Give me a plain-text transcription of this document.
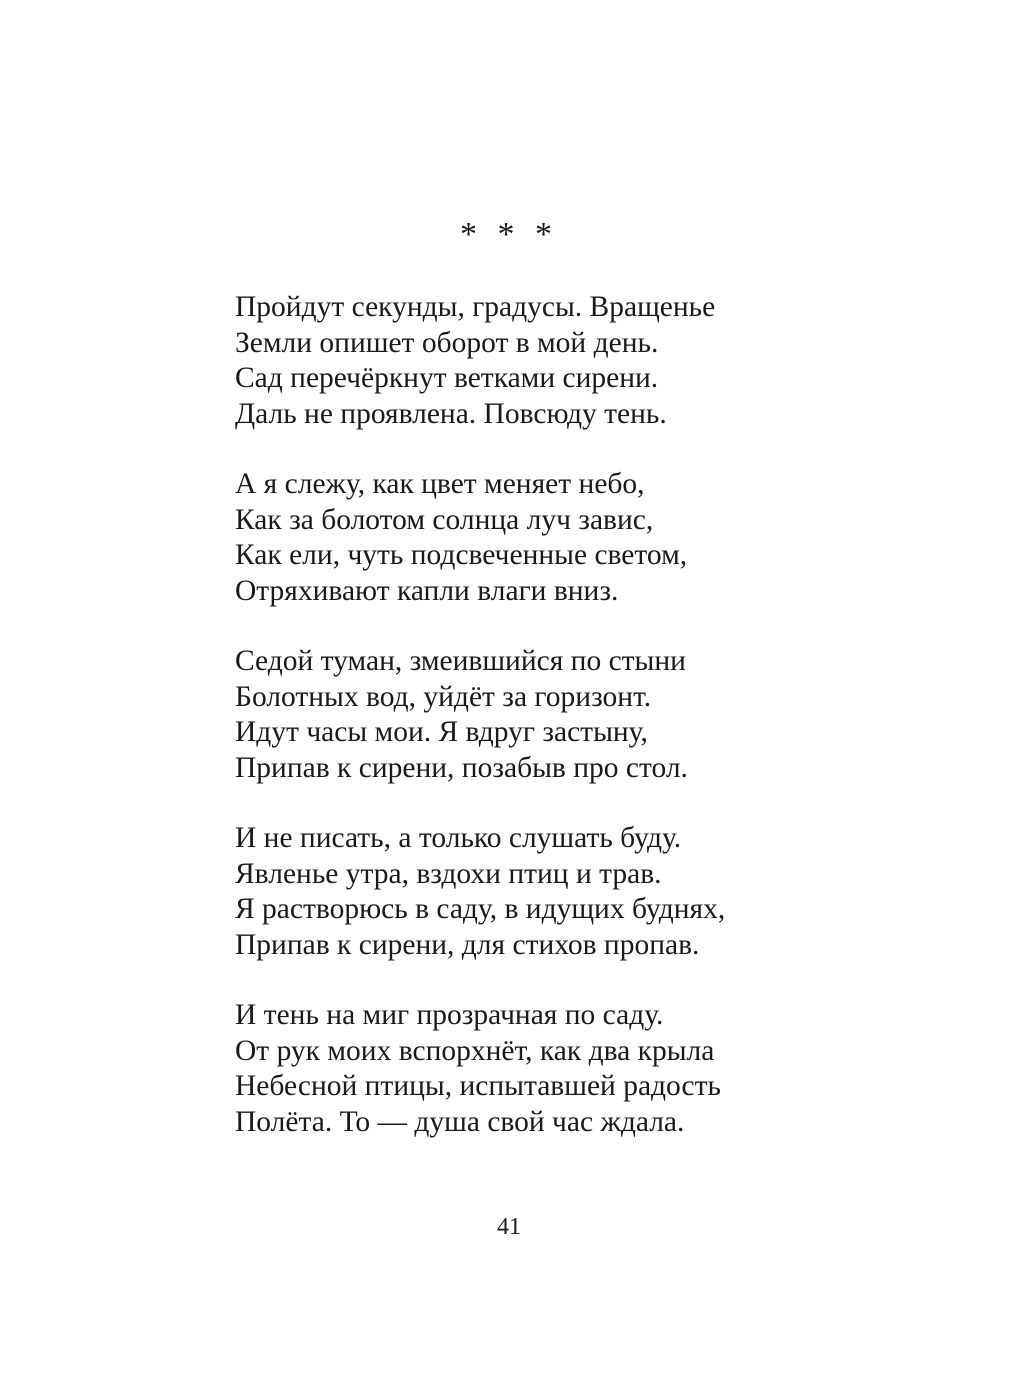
* * *
Пройдут секунды, градусы. Вращенье
Земли опишет оборот в мой день.
Сад перечёркнут ветками сирени.
Даль не проявлена. Повсюду тень.
А я слежу, как цвет меняет небо,
Как за болотом солнца луч завис,
Как ели, чуть подсвеченные светом,
Отряхивают капли влаги вниз.
Седой туман, змеившийся по стыни
Болотных вод, уйдёт за горизонт.
Идут часы мои. Я вдруг застыну,
Припав к сирени, позабыв про стол.
И не писать, а только слушать буду.
Явленье утра, вздохи птиц и трав.
Я растворюсь в саду, в идущих буднях,
Припав к сирени, для стихов пропав.
И тень на миг прозрачная по саду.
От рук моих вспорхнёт, как два крыла
Небесной птицы, испытавшей радость
Полёта. То — душа свой час ждала.
41
